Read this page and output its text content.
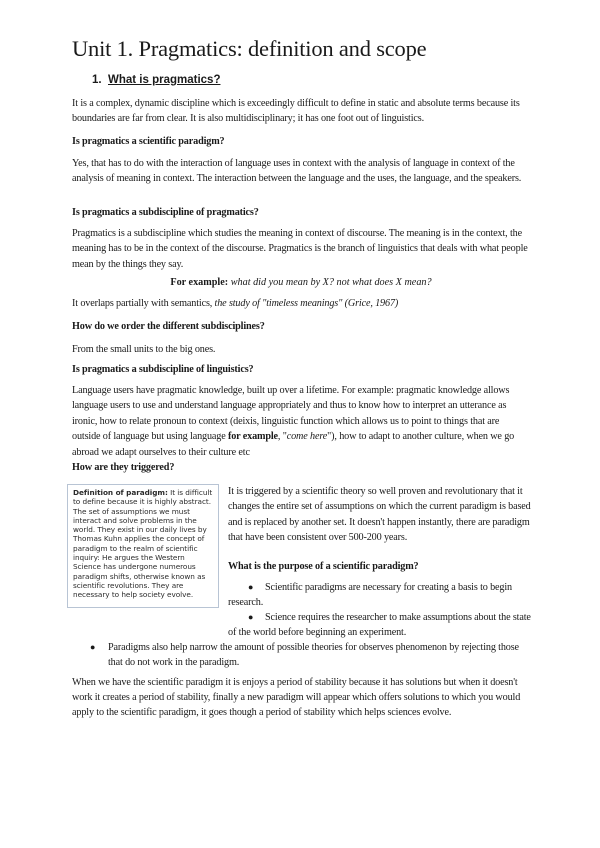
Unit 1. Pragmatics: definition and scope
1. What is pragmatics?
It is a complex, dynamic discipline which is exceedingly difficult to define in static and absolute terms because its boundaries are far from clear. It is also multidisciplinary; it has one foot out of linguistics.
Is pragmatics a scientific paradigm?
Yes, that has to do with the interaction of language uses in context with the analysis of language in context of the analysis of meaning in context. The interaction between the language and the uses, the language, and the speakers.
Is pragmatics a subdiscipline of pragmatics?
Pragmatics is a subdiscipline which studies the meaning in context of discourse. The meaning is in the context, the meaning has to be in the context of the discourse. Pragmatics is the branch of linguistics that deals with what people mean by the things they say.
For example: what did you mean by X? not what does X mean?
It overlaps partially with semantics, the study of "timeless meanings" (Grice, 1967)
How do we order the different subdisciplines?
From the small units to the big ones.
Is pragmatics a subdiscipline of linguistics?
Language users have pragmatic knowledge, built up over a lifetime. For example: pragmatic knowledge allows language users to use and understand language appropriately and thus to know how to interpret an utterance as ironic, how to relate pronoun to context (deixis, linguistic function which allows us to point to things that are outside of language but using language for example, "come here"), how to adapt to another culture, when we go abroad we adapt ourselves to their culture etc
How are they triggered?
Definition of paradigm: It is difficult to define because it is highly abstract. The set of assumptions we must interact and solve problems in the world. They exist in our daily lives by Thomas Kuhn applies the concept of paradigm to the realm of scientific inquiry: He argues the Western Science has undergone numerous paradigm shifts, otherwise known as scientific revolutions. They are necessary to help society evolve.
It is triggered by a scientific theory so well proven and revolutionary that it changes the entire set of assumptions on which the current paradigm is based and is replaced by another set. It doesn't happen instantly, there are paradigm that have been consistent over 500-200 years.
What is the purpose of a scientific paradigm?
●	Scientific paradigms are necessary for creating a basis to begin research.
●	Science requires the researcher to make assumptions about the state of the world before beginning an experiment.
● Paradigms also help narrow the amount of possible theories for observes phenomenon by rejecting those that do not work in the paradigm.
When we have the scientific paradigm it is enjoys a period of stability because it has solutions but when it doesn't work it creates a period of stability, finally a new paradigm will appear which offers solutions to which you would apply to the scientific paradigm, it goes though a period of stability which helps sciences evolve.
